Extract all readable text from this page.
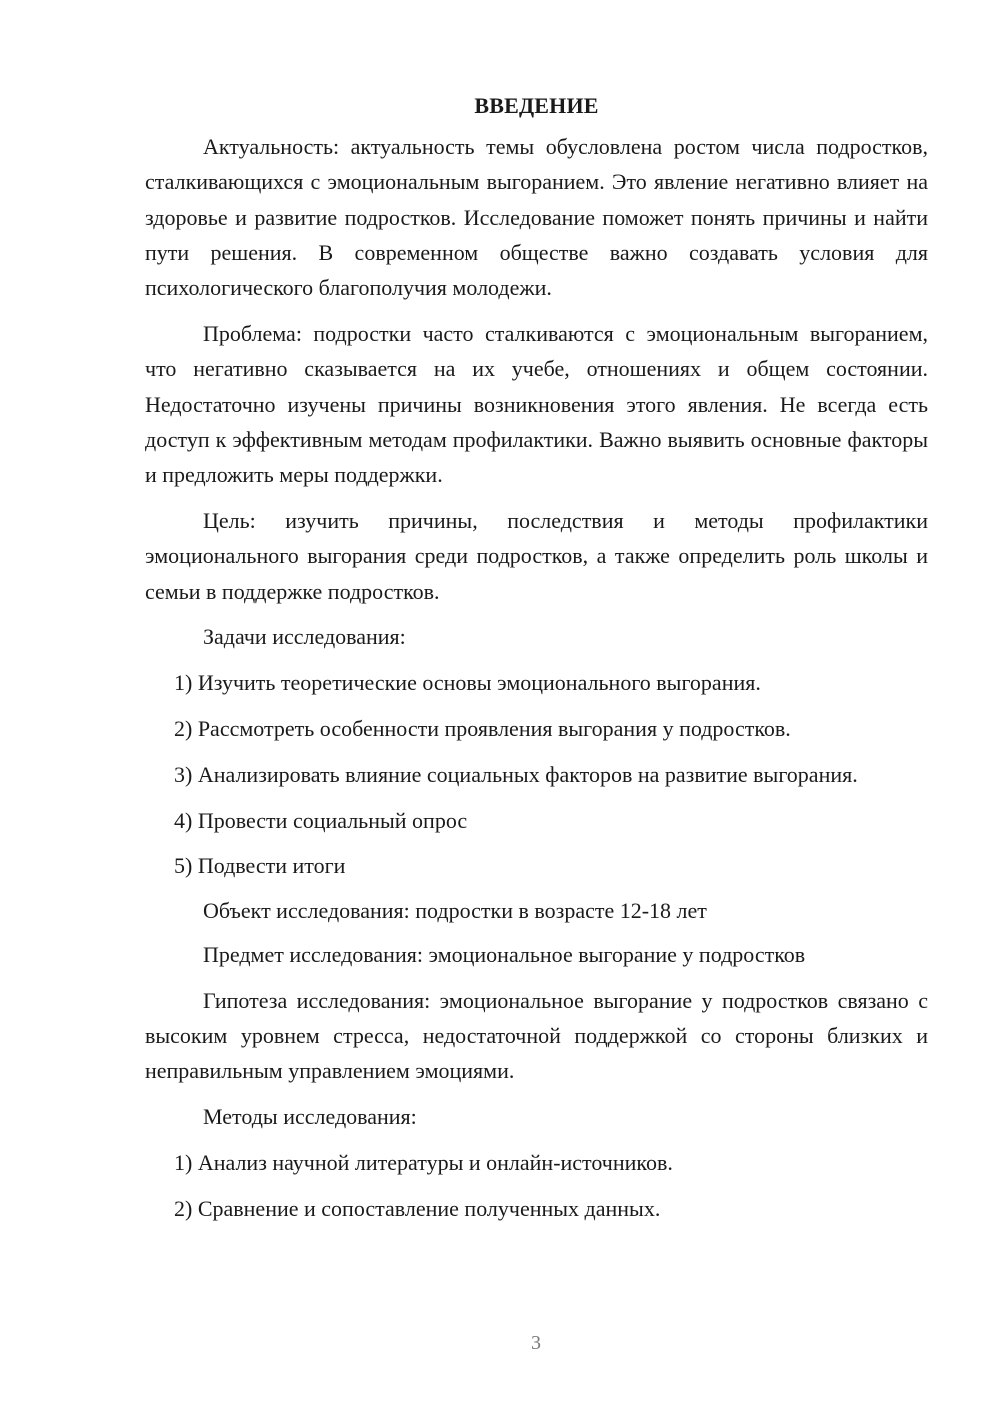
ВВЕДЕНИЕ

Актуальность: актуальность темы обусловлена ростом числа подростков, сталкивающихся с эмоциональным выгоранием. Это явление негативно влияет на здоровье и развитие подростков. Исследование поможет понять причины и найти пути решения. В современном обществе важно создавать условия для психологического благополучия молодежи.

Проблема: подростки часто сталкиваются с эмоциональным выгоранием, что негативно сказывается на их учебе, отношениях и общем состоянии. Недостаточно изучены причины возникновения этого явления. Не всегда есть доступ к эффективным методам профилактики. Важно выявить основные факторы и предложить меры поддержки.

Цель: изучить причины, последствия и методы профилактики эмоционального выгорания среди подростков, а также определить роль школы и семьи в поддержке подростков.

Задачи исследования:

1) Изучить теоретические основы эмоционального выгорания.

2) Рассмотреть особенности проявления выгорания у подростков.

3) Анализировать влияние социальных факторов на развитие выгорания.

4) Провести социальный опрос

5) Подвести итоги

Объект исследования: подростки в возрасте 12-18 лет

Предмет исследования: эмоциональное выгорание у подростков

Гипотеза исследования: эмоциональное выгорание у подростков связано с высоким уровнем стресса, недостаточной поддержкой со стороны близких и неправильным управлением эмоциями.

Методы исследования:

1) Анализ научной литературы и онлайн-источников.

2) Сравнение и сопоставление полученных данных.

3
